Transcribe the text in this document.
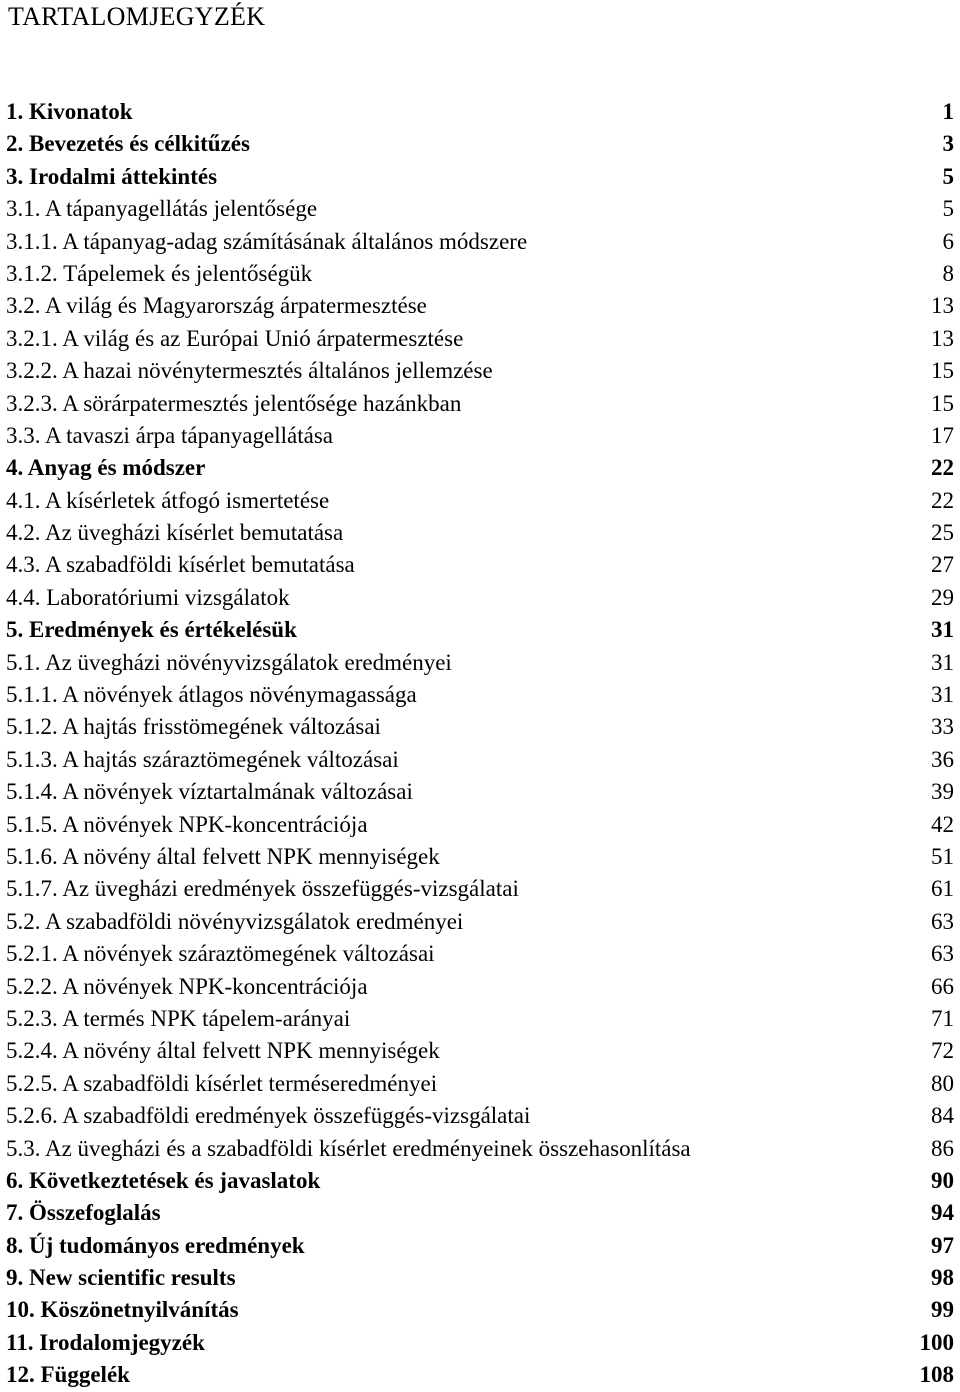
TARTALOMJEGYZÉK
1. Kivonatok	1
2. Bevezetés és célkitűzés	3
3. Irodalmi áttekintés	5
3.1. A tápanyagellátás jelentősége	5
3.1.1. A tápanyag-adag számításának általános módszere	6
3.1.2. Tápelemek és jelentőségük	8
3.2. A világ és Magyarország árpatermesztése	13
3.2.1. A világ és az Európai Unió árpatermesztése	13
3.2.2. A hazai növénytermesztés általános jellemzése	15
3.2.3. A sörárpatermesztés jelentősége hazánkban	15
3.3. A tavaszi árpa tápanyagellátása	17
4. Anyag és módszer	22
4.1. A kísérletek átfogó ismertetése	22
4.2. Az üvegházi kísérlet bemutatása	25
4.3. A szabadföldi kísérlet bemutatása	27
4.4. Laboratóriumi vizsgálatok	29
5. Eredmények és értékelésük	31
5.1. Az üvegházi növényvizsgálatok eredményei	31
5.1.1. A növények átlagos növénymagassága	31
5.1.2. A hajtás frisstömegének változásai	33
5.1.3. A hajtás száraztömegének változásai	36
5.1.4. A növények víztartalmának változásai	39
5.1.5. A növények NPK-koncentrációja	42
5.1.6. A növény által felvett NPK mennyiségek	51
5.1.7. Az üvegházi eredmények összefüggés-vizsgálatai	61
5.2. A szabadföldi növényvizsgálatok eredményei	63
5.2.1. A növények száraztömegének változásai	63
5.2.2. A növények NPK-koncentrációja	66
5.2.3. A termés NPK tápelem-arányai	71
5.2.4. A növény által felvett NPK mennyiségek	72
5.2.5. A szabadföldi kísérlet terméseredményei	80
5.2.6. A szabadföldi eredmények összefüggés-vizsgálatai	84
5.3. Az üvegházi és a szabadföldi kísérlet eredményeinek összehasonlítása	86
6. Következtetések és javaslatok	90
7. Összefoglalás	94
8. Új tudományos eredmények	97
9. New scientific results	98
10. Köszönetnyilvánítás	99
11. Irodalomjegyzék	100
12. Függelék	108
